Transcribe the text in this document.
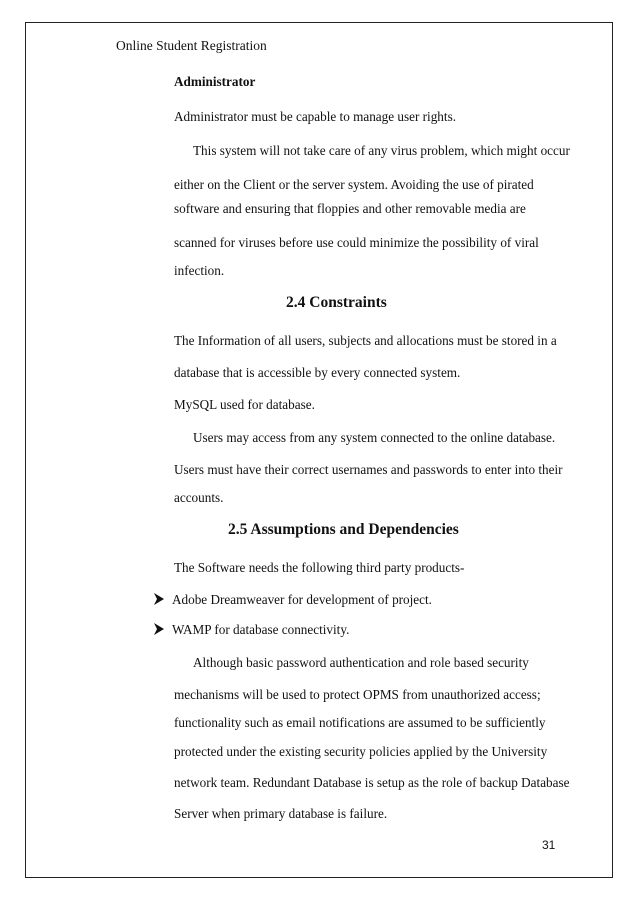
Online Student Registration
Administrator
Administrator must be capable to manage user rights.
This system will not take care of any virus problem, which might occur
either on the Client or the server system. Avoiding the use of pirated
software and ensuring that floppies and other removable media are
scanned for viruses before use could minimize the possibility of viral
infection.
2.4 Constraints
The Information of all users, subjects and allocations must be stored in a
database that is accessible by every connected system.
MySQL used for database.
Users may access from any system connected to the online database.
Users must have their correct usernames and passwords to enter into their
accounts.
2.5 Assumptions and Dependencies
The Software needs the following third party products-
Adobe Dreamweaver for development of project.
WAMP for database connectivity.
Although basic password authentication and role based security
mechanisms will be used to protect OPMS from unauthorized access;
functionality such as email notifications are assumed to be sufficiently
protected under the existing security policies applied by the University
network team. Redundant Database is setup as the role of backup Database
Server when primary database is failure.
31
